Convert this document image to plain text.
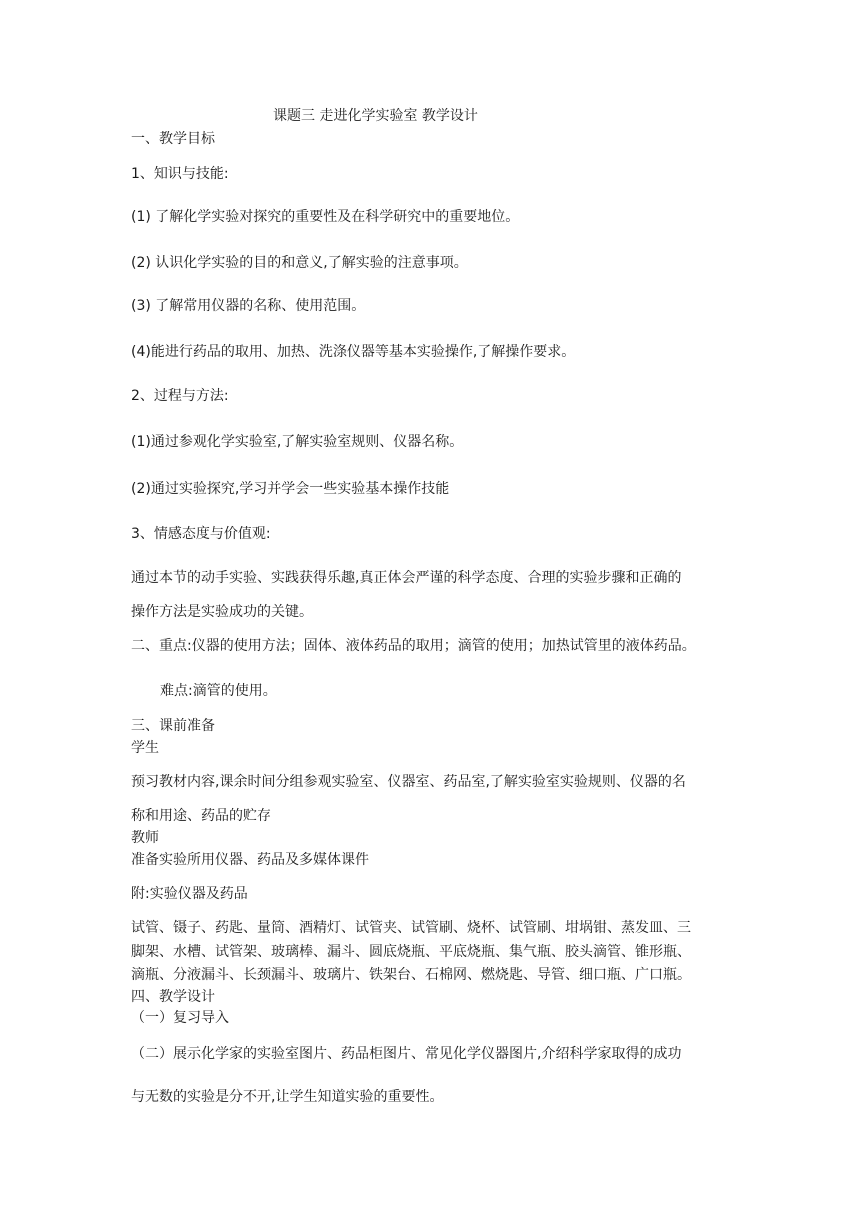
课题三 走进化学实验室 教学设计
一、教学目标
1、知识与技能:
(1) 了解化学实验对探究的重要性及在科学研究中的重要地位。
(2) 认识化学实验的目的和意义,了解实验的注意事项。
(3) 了解常用仪器的名称、使用范围。
(4)能进行药品的取用、加热、洗涤仪器等基本实验操作,了解操作要求。
2、过程与方法:
(1)通过参观化学实验室,了解实验室规则、仪器名称。
(2)通过实验探究,学习并学会一些实验基本操作技能
3、情感态度与价值观:
通过本节的动手实验、实践获得乐趣,真正体会严谨的科学态度、合理的实验步骤和正确的
操作方法是实验成功的关键。
二、重点:仪器的使用方法；固体、液体药品的取用；滴管的使用；加热试管里的液体药品。
难点:滴管的使用。
三、课前准备
学生
预习教材内容,课余时间分组参观实验室、仪器室、药品室,了解实验室实验规则、仪器的名
称和用途、药品的贮存
教师
准备实验所用仪器、药品及多媒体课件
附:实验仪器及药品
试管、镊子、药匙、量筒、酒精灯、试管夹、试管刷、烧杯、试管刷、坩埚钳、蒸发皿、三
脚架、水槽、试管架、玻璃棒、漏斗、圆底烧瓶、平底烧瓶、集气瓶、胶头滴管、锥形瓶、
滴瓶、分液漏斗、长颈漏斗、玻璃片、铁架台、石棉网、燃烧匙、导管、细口瓶、广口瓶。
四、教学设计
（一）复习导入
（二）展示化学家的实验室图片、药品柜图片、常见化学仪器图片,介绍科学家取得的成功
与无数的实验是分不开,让学生知道实验的重要性。
